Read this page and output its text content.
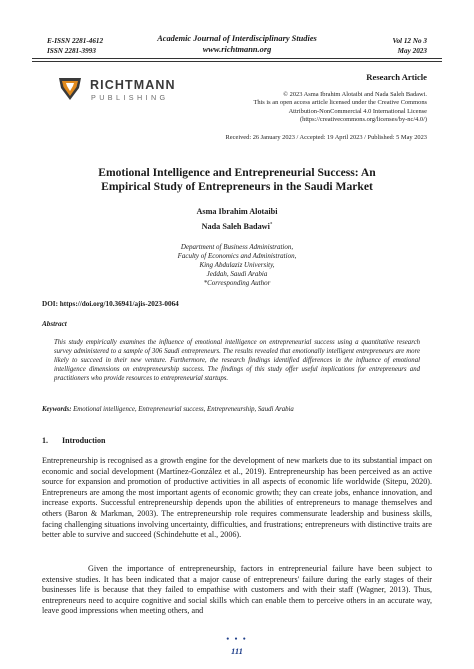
E-ISSN 2281-4612
ISSN 2281-3993
Academic Journal of Interdisciplinary Studies
www.richtmann.org
Vol 12 No 3
May 2023
RICHTMANN
PUBLISHING
Research Article
© 2023 Asma Ibrahim Alotaibi and Nada Saleh Badawi.
This is an open access article licensed under the Creative Commons
Attribution-NonCommercial 4.0 International License
(https://creativecommons.org/licenses/by-nc/4.0/)
Received: 26 January 2023 / Accepted: 19 April 2023 / Published: 5 May 2023
Emotional Intelligence and Entrepreneurial Success: An
Empirical Study of Entrepreneurs in the Saudi Market
Asma Ibrahim Alotaibi
Nada Saleh Badawi*
Department of Business Administration,
Faculty of Economics and Administration,
King Abdulaziz University,
Jeddah, Saudi Arabia
*Corresponding Author
DOI: https://doi.org/10.36941/ajis-2023-0064
Abstract
This study empirically examines the influence of emotional intelligence on entrepreneurial success using a quantitative research survey administered to a sample of 306 Saudi entrepreneurs. The results revealed that emotionally intelligent entrepreneurs are more likely to succeed in their new venture. Furthermore, the research findings identified differences in the influence of emotional intelligence dimensions on entrepreneurship success. The findings of this study offer useful implications for entrepreneurs and practitioners who provide resources to entrepreneurial startups.
Keywords: Emotional intelligence, Entrepreneurial success, Entrepreneurship, Saudi Arabia
1. Introduction
Entrepreneurship is recognised as a growth engine for the development of new markets due to its substantial impact on economic and social development (Martínez-González et al., 2019). Entrepreneurship has been perceived as an active source for expansion and promotion of productive activities in all aspects of economic life worldwide (Sitepu, 2020). Entrepreneurs are among the most important agents of economic growth; they can create jobs, enhance innovation, and increase exports. Successful entrepreneurship depends upon the abilities of entrepreneurs to manage themselves and others (Baron & Markman, 2003). The entrepreneurship role requires commensurate leadership and business skills, facing challenging situations involving uncertainty, difficulties, and frustrations; entrepreneurs with distinctive traits are better able to survive and succeed (Schindehutte et al., 2006).
Given the importance of entrepreneurship, factors in entrepreneurial failure have been subject to extensive studies. It has been indicated that a major cause of entrepreneurs' failure during the early stages of their businesses life is because that they failed to empathise with customers and with their staff (Wagner, 2013). Thus, entrepreneurs need to acquire cognitive and social skills which can enable them to perceive others in an accurate way, leave good impressions when meeting others, and
● ● ●
111
